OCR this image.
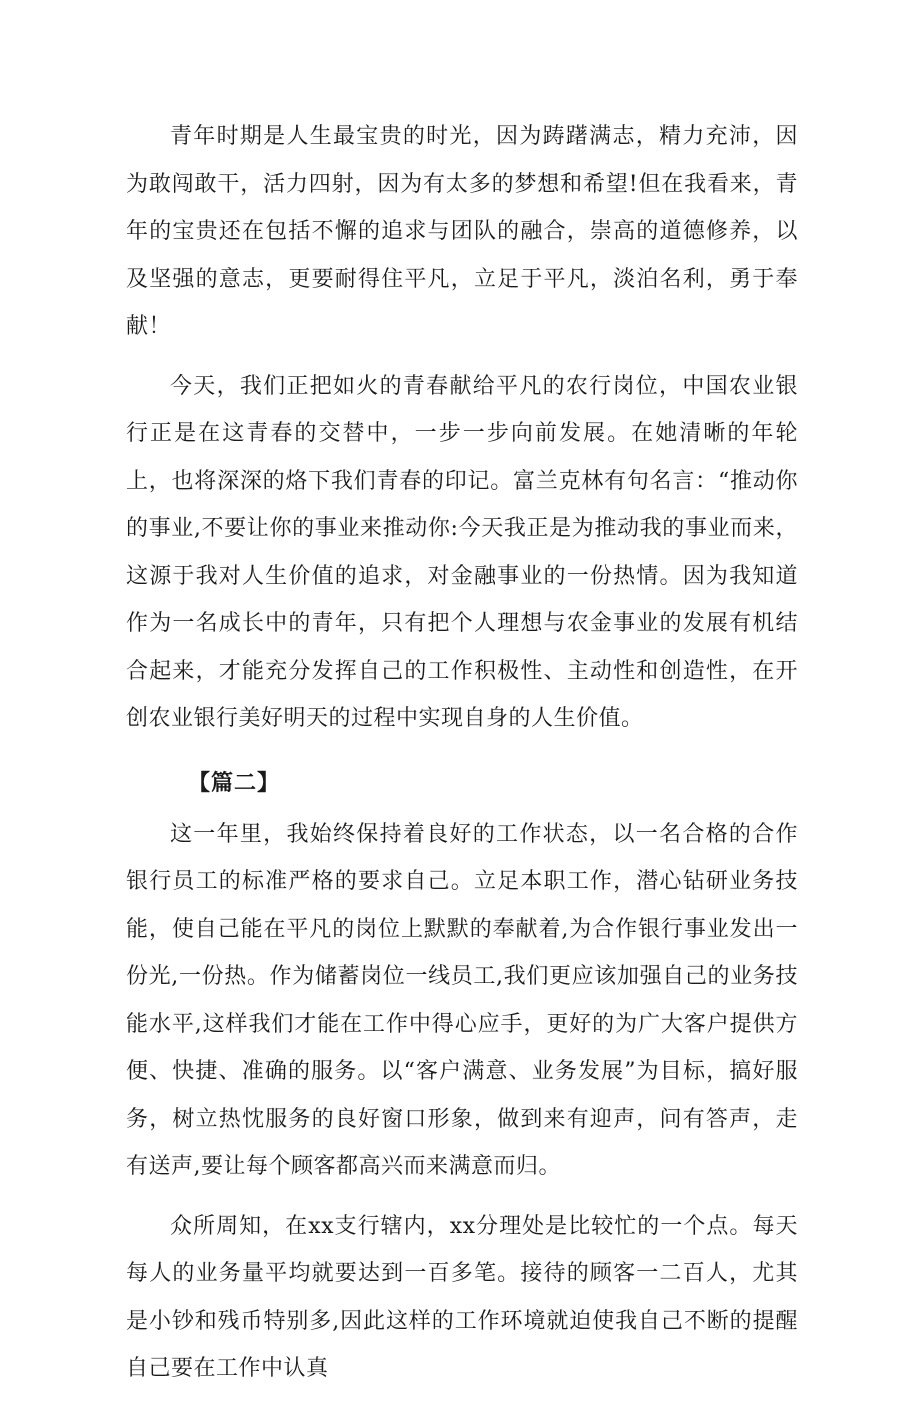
青年时期是人生最宝贵的时光，因为踌躇满志，精力充沛，因为敢闯敢干，活力四射，因为有太多的梦想和希望!但在我看来，青年的宝贵还在包括不懈的追求与团队的融合，崇高的道德修养，以及坚强的意志，更要耐得住平凡，立足于平凡，淡泊名利，勇于奉献！

今天，我们正把如火的青春献给平凡的农行岗位，中国农业银行正是在这青春的交替中，一步一步向前发展。在她清晰的年轮上，也将深深的烙下我们青春的印记。富兰克林有句名言：“推动你的事业,不要让你的事业来推动你:今天我正是为推动我的事业而来，这源于我对人生价值的追求，对金融事业的一份热情。因为我知道作为一名成长中的青年，只有把个人理想与农金事业的发展有机结合起来，才能充分发挥自己的工作积极性、主动性和创造性，在开创农业银行美好明天的过程中实现自身的人生价值。

【篇二】

这一年里，我始终保持着良好的工作状态，以一名合格的合作银行员工的标准严格的要求自己。立足本职工作，潜心钻研业务技能，使自己能在平凡的岗位上默默的奉献着,为合作银行事业发出一份光,一份热。作为储蓄岗位一线员工,我们更应该加强自己的业务技能水平,这样我们才能在工作中得心应手，更好的为广大客户提供方便、快捷、准确的服务。以“客户满意、业务发展”为目标，搞好服务，树立热忱服务的良好窗口形象，做到来有迎声，问有答声，走有送声,要让每个顾客都高兴而来满意而归。

众所周知，在xx支行辖内，xx分理处是比较忙的一个点。每天每人的业务量平均就要达到一百多笔。接待的顾客一二百人，尤其是小钞和残币特别多,因此这样的工作环境就迫使我自己不断的提醒自己要在工作中认真
